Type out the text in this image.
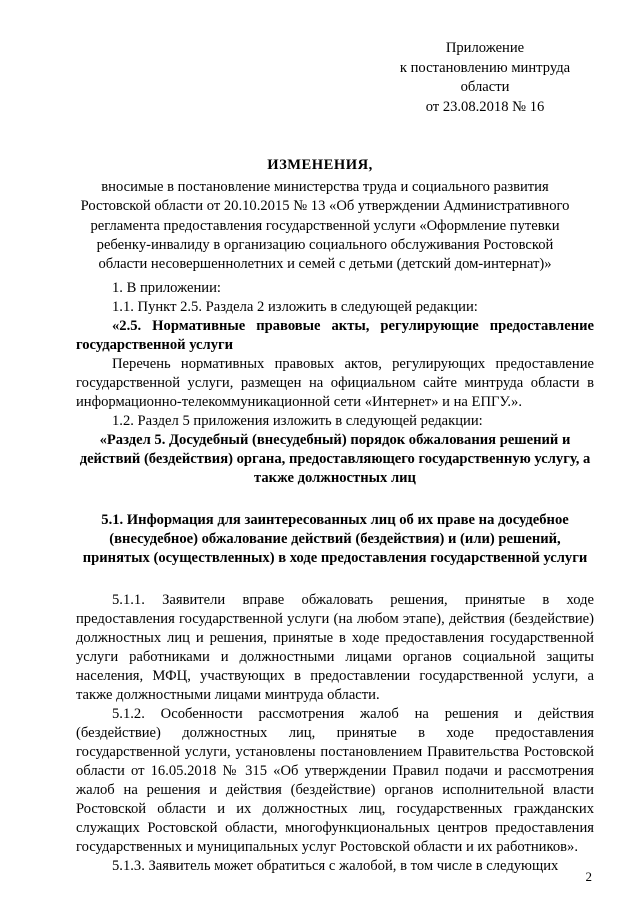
Приложение
к постановлению минтруда
области
от 23.08.2018 № 16
ИЗМЕНЕНИЯ,
вносимые в постановление министерства труда и социального развития Ростовской области от 20.10.2015 № 13 «Об утверждении Административного регламента предоставления государственной услуги «Оформление путевки ребенку-инвалиду в организацию социального обслуживания Ростовской области несовершеннолетних и семей с детьми (детский дом-интернат)»

1. В приложении:

1.1. Пункт 2.5. Раздела 2 изложить в следующей редакции:

«2.5. Нормативные правовые акты, регулирующие предоставление государственной услуги

Перечень нормативных правовых актов, регулирующих предоставление государственной услуги, размещен на официальном сайте минтруда области в информационно-телекоммуникационной сети «Интернет» и на ЕПГУ.».

1.2. Раздел 5 приложения изложить в следующей редакции:

«Раздел 5. Досудебный (внесудебный) порядок обжалования решений и действий (бездействия) органа, предоставляющего государственную услугу, а также должностных лиц

5.1. Информация для заинтересованных лиц об их праве на досудебное (внесудебное) обжалование действий (бездействия) и (или) решений, принятых (осуществленных) в ходе предоставления государственной услуги

5.1.1. Заявители вправе обжаловать решения, принятые в ходе предоставления государственной услуги (на любом этапе), действия (бездействие) должностных лиц и решения, принятые в ходе предоставления государственной услуги работниками и должностными лицами органов социальной защиты населения, МФЦ, участвующих в предоставлении государственной услуги, а также должностными лицами минтруда области.

5.1.2. Особенности рассмотрения жалоб на решения и действия (бездействие) должностных лиц, принятые в ходе предоставления государственной услуги, установлены постановлением Правительства Ростовской области от 16.05.2018 № 315 «Об утверждении Правил подачи и рассмотрения жалоб на решения и действия (бездействие) органов исполнительной власти Ростовской области и их должностных лиц, государственных гражданских служащих Ростовской области, многофункциональных центров предоставления государственных и муниципальных услуг Ростовской области и их работников».

5.1.3. Заявитель может обратиться с жалобой, в том числе в следующих

2
